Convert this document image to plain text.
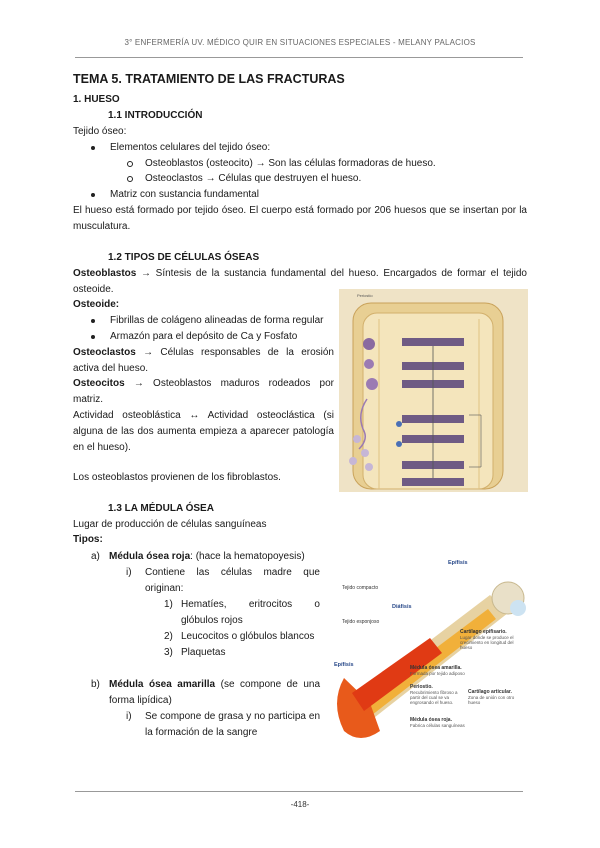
3° ENFERMERÍA UV. MÉDICO QUIR EN SITUACIONES ESPECIALES - MELANY PALACIOS
TEMA 5. TRATAMIENTO DE LAS FRACTURAS
1. HUESO
1.1 INTRODUCCIÓN
Tejido óseo:
Elementos celulares del tejido óseo:
Osteoblastos (osteocito) → Son las células formadoras de hueso.
Osteoclastos → Células que destruyen el hueso.
Matriz con sustancia fundamental
El hueso está formado por tejido óseo. El cuerpo está formado por 206 huesos que se insertan por la musculatura.
1.2 TIPOS DE CÉLULAS ÓSEAS
Osteoblastos → Síntesis de la sustancia fundamental del hueso. Encargados de formar el tejido osteoide.
Osteoide:
Fibrillas de colágeno alineadas de forma regular
Armazón para el depósito de Ca y Fosfato
Osteoclastos → Células responsables de la erosión activa del hueso.
Osteocitos → Osteoblastos maduros rodeados por matriz.
Actividad osteoblástica ↔ Actividad osteoclástica (si alguna de las dos aumenta empieza a aparecer patología en el hueso).
Los osteoblastos provienen de los fibroblastos.
Periostio
1.3 LA MÉDULA ÓSEA
Lugar de producción de células sanguíneas
Tipos:
a) Médula ósea roja: (hace la hematopoyesis)
i) Contiene las células madre que originan:
1) Hematíes, eritrocitos o glóbulos rojos
2) Leucocitos o glóbulos blancos
3) Plaquetas
b) Médula ósea amarilla (se compone de una forma lipídica)
i) Se compone de grasa y no participa en la formación de la sangre
Epífisis
Tejido compacto
Diáfisis
Tejido esponjoso
Cartílago epifisario.
Lugar donde se produce el crecimiento en longitud del hueso
Epífisis	Médula ósea amarilla.
Formada por tejido adiposo
Periostio.
Recubrimiento fibroso a partir del cual se va engrosando el hueso.
Cartílago articular.
Zona de unión con otro hueso
Médula ósea roja.
Fabrica células sanguíneas
-418-
